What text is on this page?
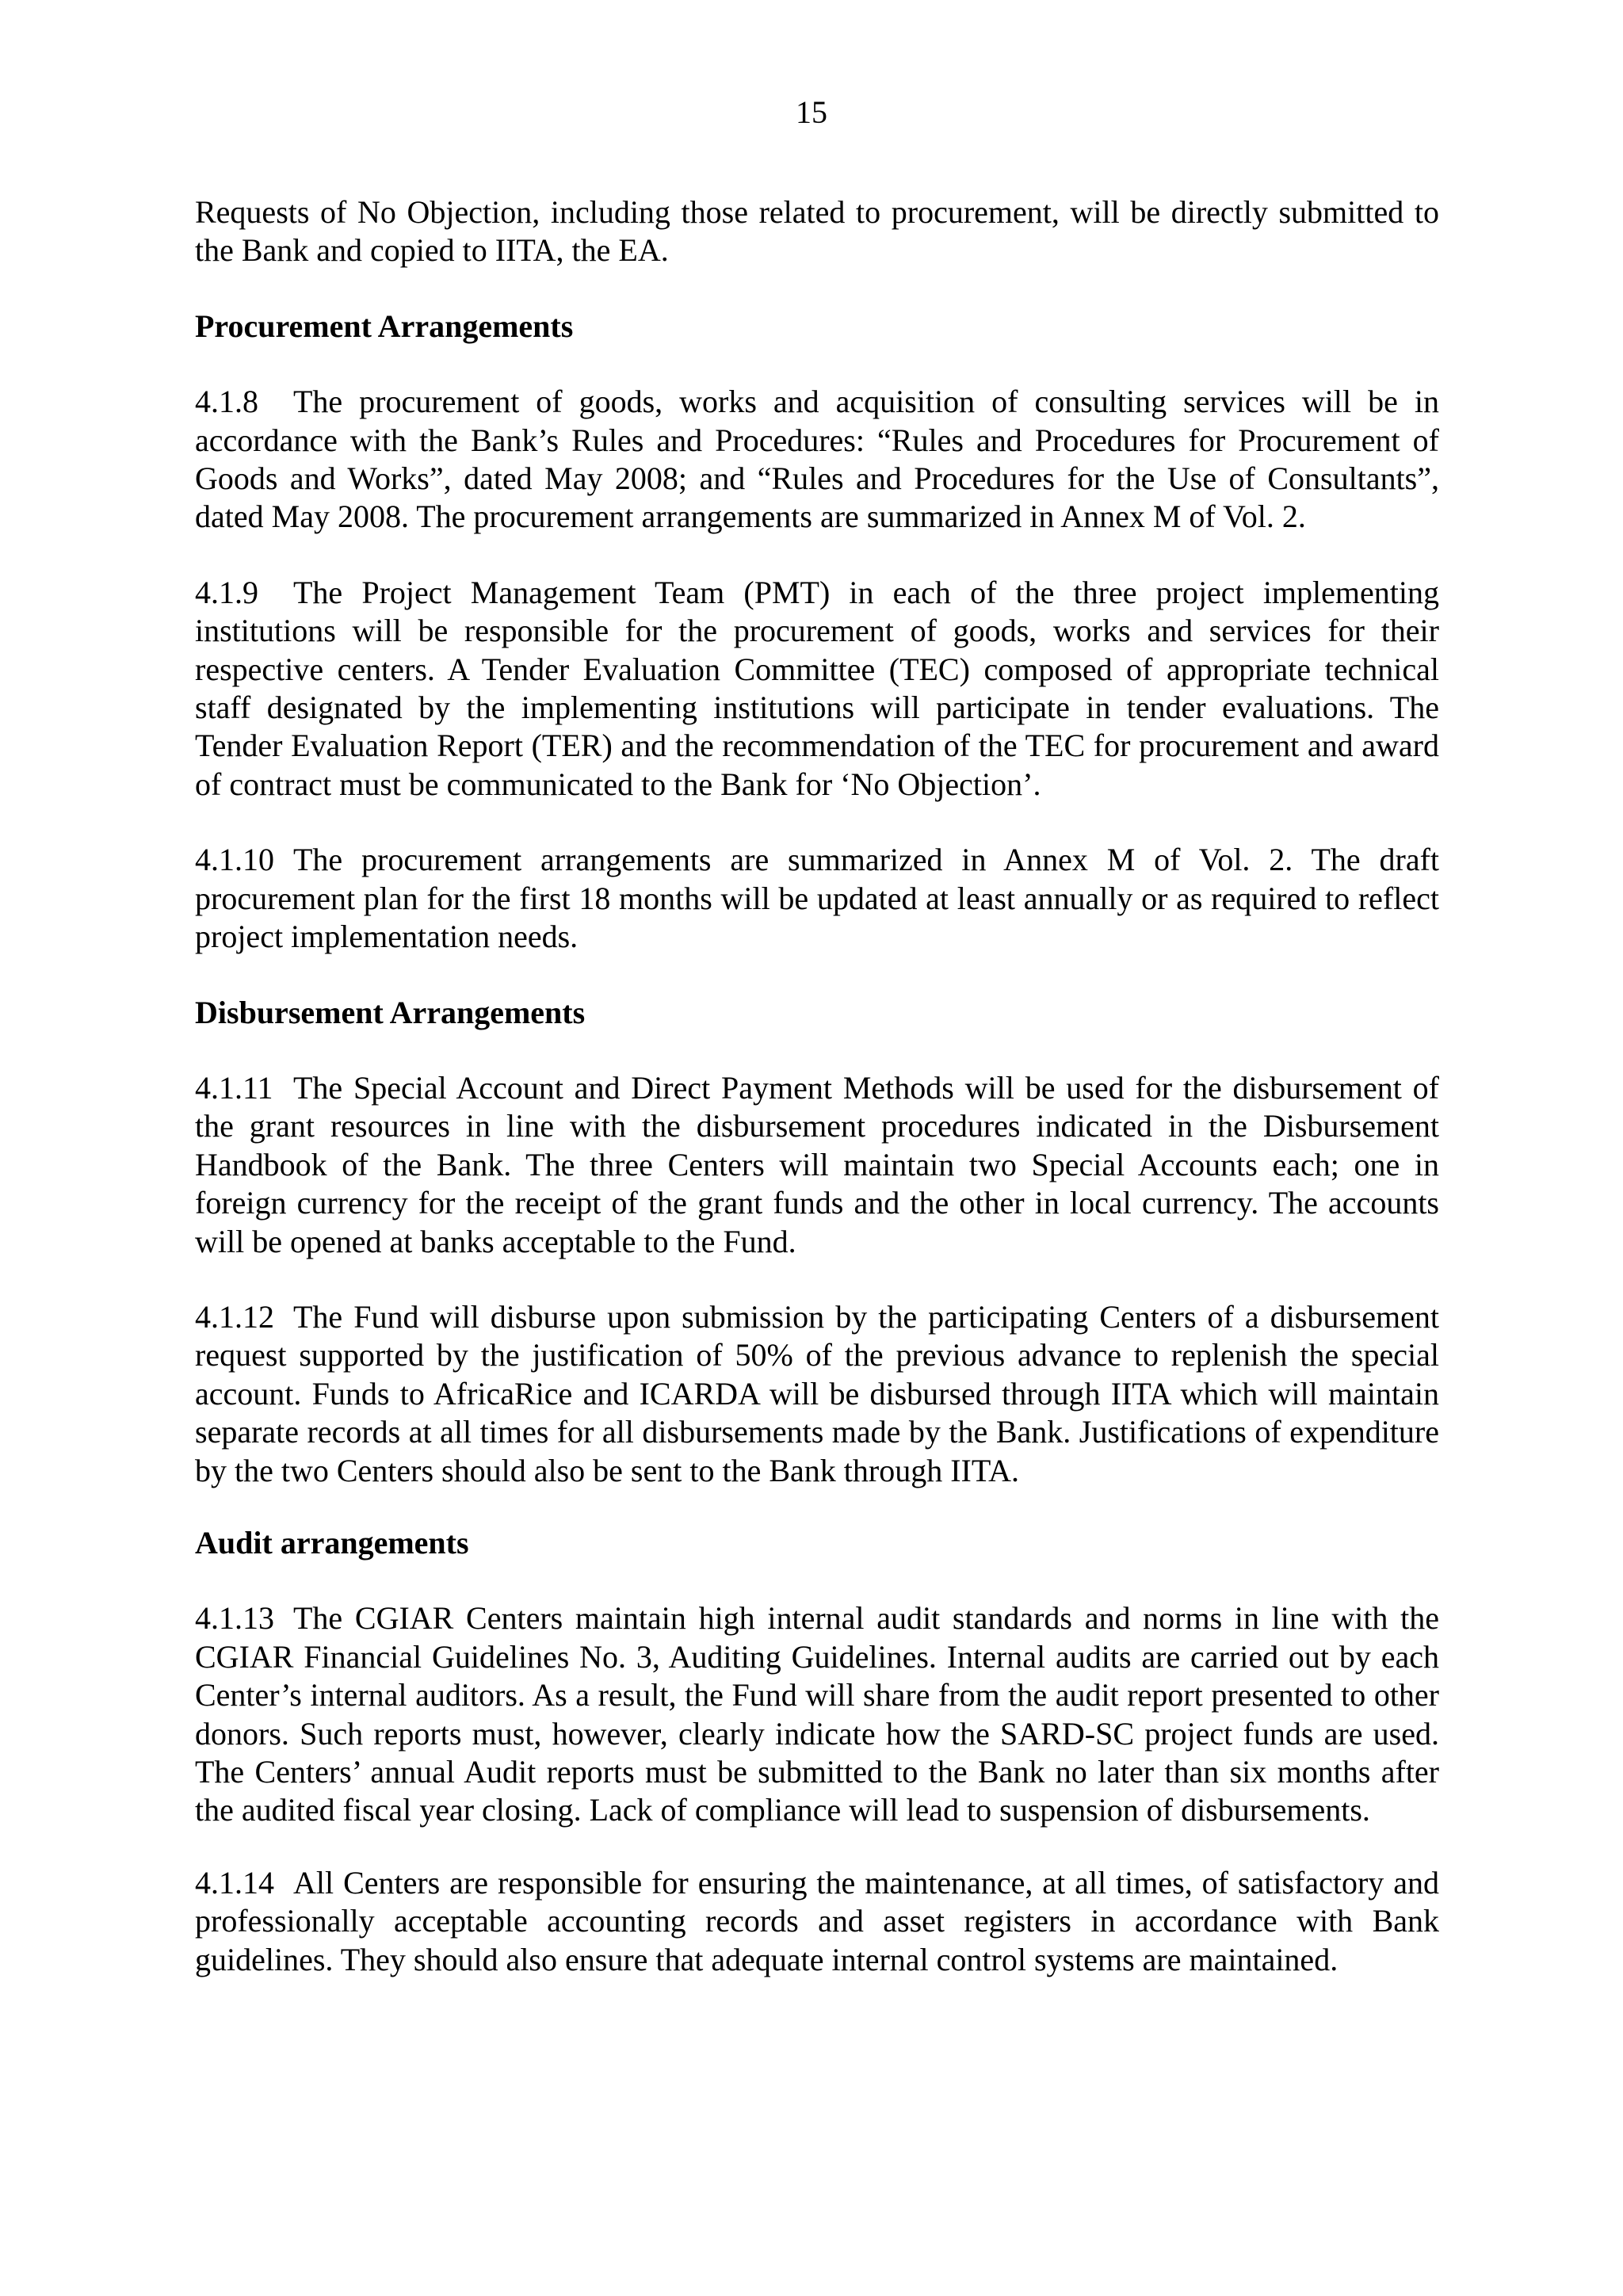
15

Requests of No Objection, including those related to procurement, will be directly submitted to the Bank and copied to IITA, the EA.

Procurement Arrangements

4.1.8 The procurement of goods, works and acquisition of consulting services will be in accordance with the Bank’s Rules and Procedures: “Rules and Procedures for Procurement of Goods and Works”, dated May 2008; and “Rules and Procedures for the Use of Consultants”, dated May 2008. The procurement arrangements are summarized in Annex M of Vol. 2.

4.1.9 The Project Management Team (PMT) in each of the three project implementing institutions will be responsible for the procurement of goods, works and services for their respective centers. A Tender Evaluation Committee (TEC) composed of appropriate technical staff designated by the implementing institutions will participate in tender evaluations. The Tender Evaluation Report (TER) and the recommendation of the TEC for procurement and award of contract must be communicated to the Bank for ‘No Objection’.

4.1.10 The procurement arrangements are summarized in Annex M of Vol. 2. The draft procurement plan for the first 18 months will be updated at least annually or as required to reflect project implementation needs.

Disbursement Arrangements

4.1.11 The Special Account and Direct Payment Methods will be used for the disbursement of the grant resources in line with the disbursement procedures indicated in the Disbursement Handbook of the Bank. The three Centers will maintain two Special Accounts each; one in foreign currency for the receipt of the grant funds and the other in local currency. The accounts will be opened at banks acceptable to the Fund.

4.1.12 The Fund will disburse upon submission by the participating Centers of a disbursement request supported by the justification of 50% of the previous advance to replenish the special account. Funds to AfricaRice and ICARDA will be disbursed through IITA which will maintain separate records at all times for all disbursements made by the Bank. Justifications of expenditure by the two Centers should also be sent to the Bank through IITA.

Audit arrangements

4.1.13 The CGIAR Centers maintain high internal audit standards and norms in line with the CGIAR Financial Guidelines No. 3, Auditing Guidelines. Internal audits are carried out by each Center’s internal auditors. As a result, the Fund will share from the audit report presented to other donors. Such reports must, however, clearly indicate how the SARD-SC project funds are used. The Centers’ annual Audit reports must be submitted to the Bank no later than six months after the audited fiscal year closing. Lack of compliance will lead to suspension of disbursements.

4.1.14 All Centers are responsible for ensuring the maintenance, at all times, of satisfactory and professionally acceptable accounting records and asset registers in accordance with Bank guidelines. They should also ensure that adequate internal control systems are maintained.
